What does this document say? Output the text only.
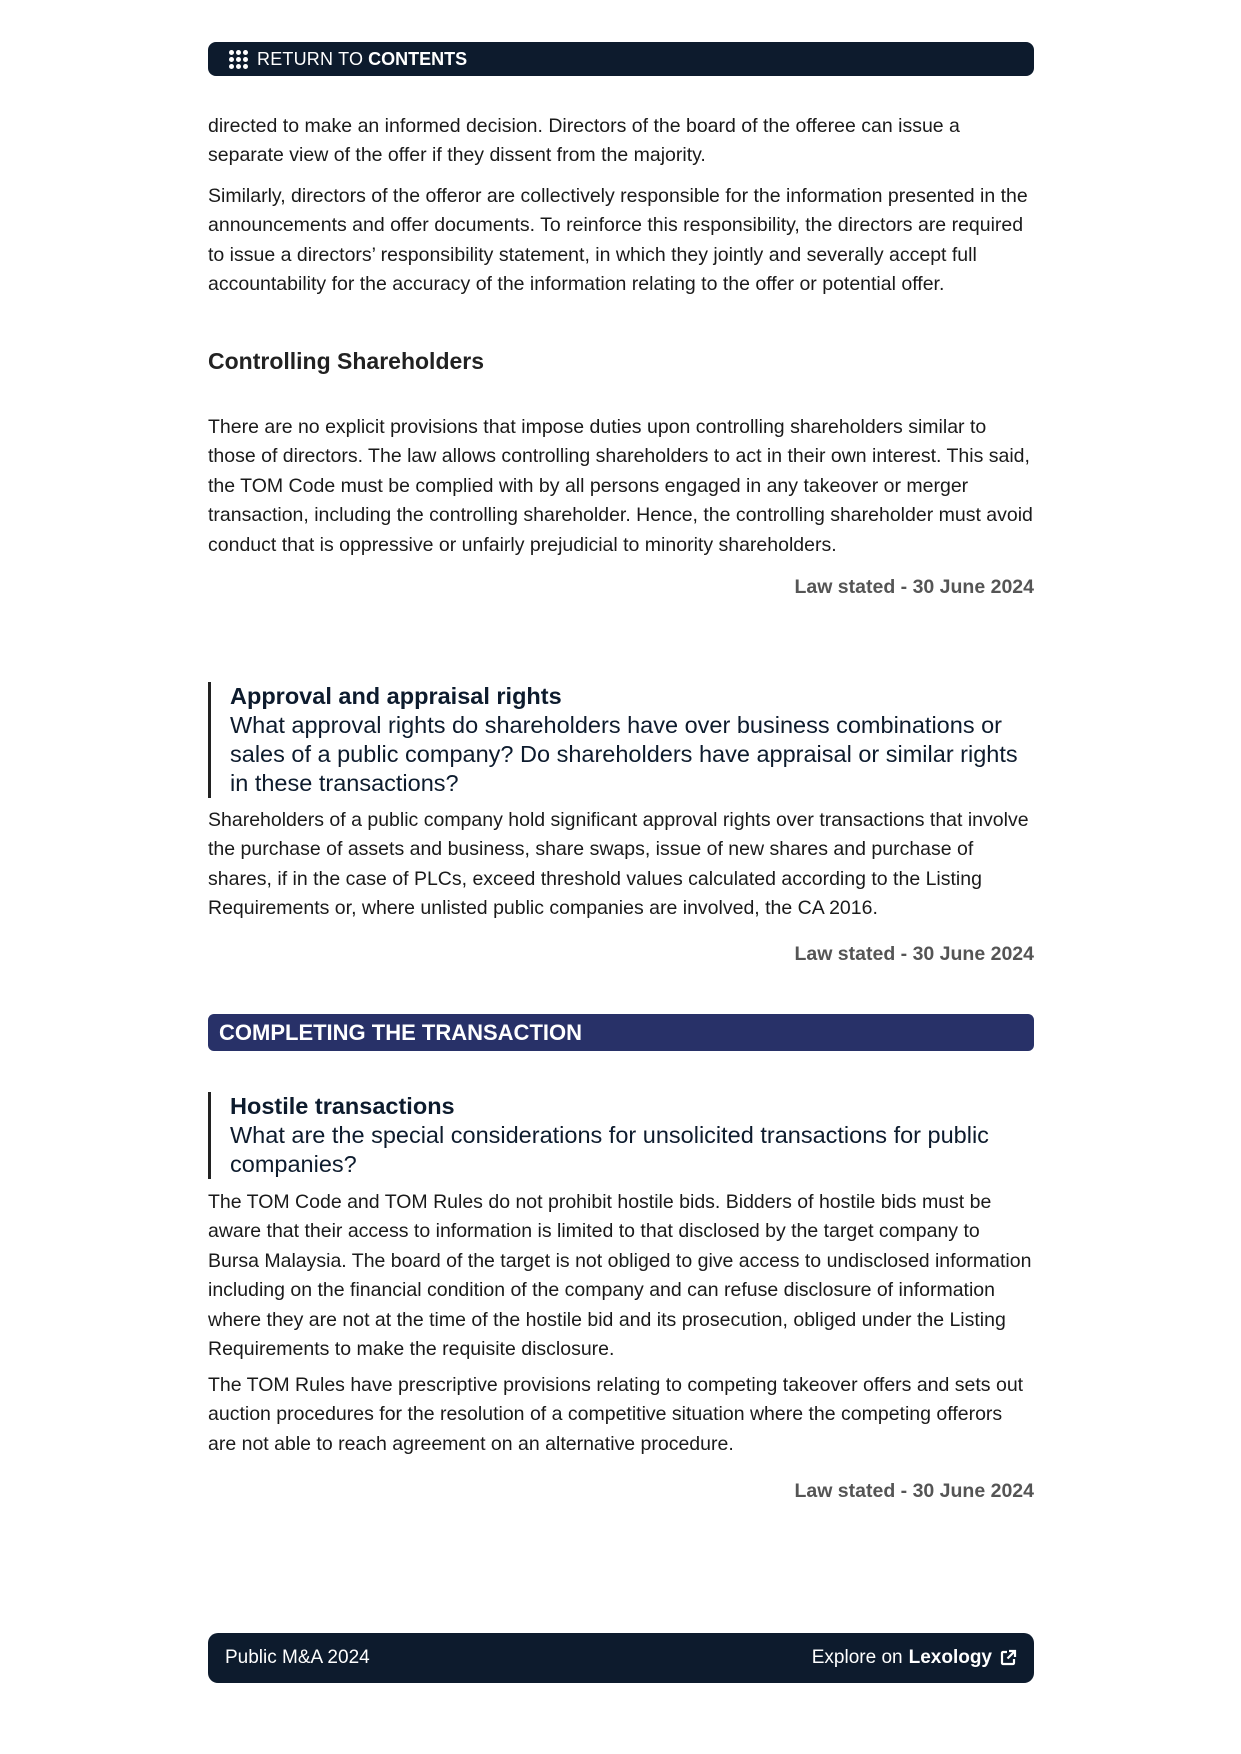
RETURN TO CONTENTS

directed to make an informed decision. Directors of the board of the offeree can issue a separate view of the offer if they dissent from the majority.

Similarly, directors of the offeror are collectively responsible for the information presented in the announcements and offer documents. To reinforce this responsibility, the directors are required to issue a directors’ responsibility statement, in which they jointly and severally accept full accountability for the accuracy of the information relating to the offer or potential offer.

Controlling Shareholders

There are no explicit provisions that impose duties upon controlling shareholders similar to those of directors. The law allows controlling shareholders to act in their own interest. This said, the TOM Code must be complied with by all persons engaged in any takeover or merger transaction, including the controlling shareholder. Hence, the controlling shareholder must avoid conduct that is oppressive or unfairly prejudicial to minority shareholders.

Law stated - 30 June 2024
Approval and appraisal rights
What approval rights do shareholders have over business combinations or sales of a public company? Do shareholders have appraisal or similar rights in these transactions?

Shareholders of a public company hold significant approval rights over transactions that involve the purchase of assets and business, share swaps, issue of new shares and purchase of shares, if in the case of PLCs, exceed threshold values calculated according to the Listing Requirements or, where unlisted public companies are involved, the CA 2016.

Law stated - 30 June 2024
COMPLETING THE TRANSACTION
Hostile transactions
What are the special considerations for unsolicited transactions for public companies?

The TOM Code and TOM Rules do not prohibit hostile bids. Bidders of hostile bids must be aware that their access to information is limited to that disclosed by the target company to Bursa Malaysia. The board of the target is not obliged to give access to undisclosed information including on the financial condition of the company and can refuse disclosure of information where they are not at the time of the hostile bid and its prosecution, obliged under the Listing Requirements to make the requisite disclosure.

The TOM Rules have prescriptive provisions relating to competing takeover offers and sets out auction procedures for the resolution of a competitive situation where the competing offerors are not able to reach agreement on an alternative procedure.

Law stated - 30 June 2024
Public M&A 2024	Explore on Lexology
